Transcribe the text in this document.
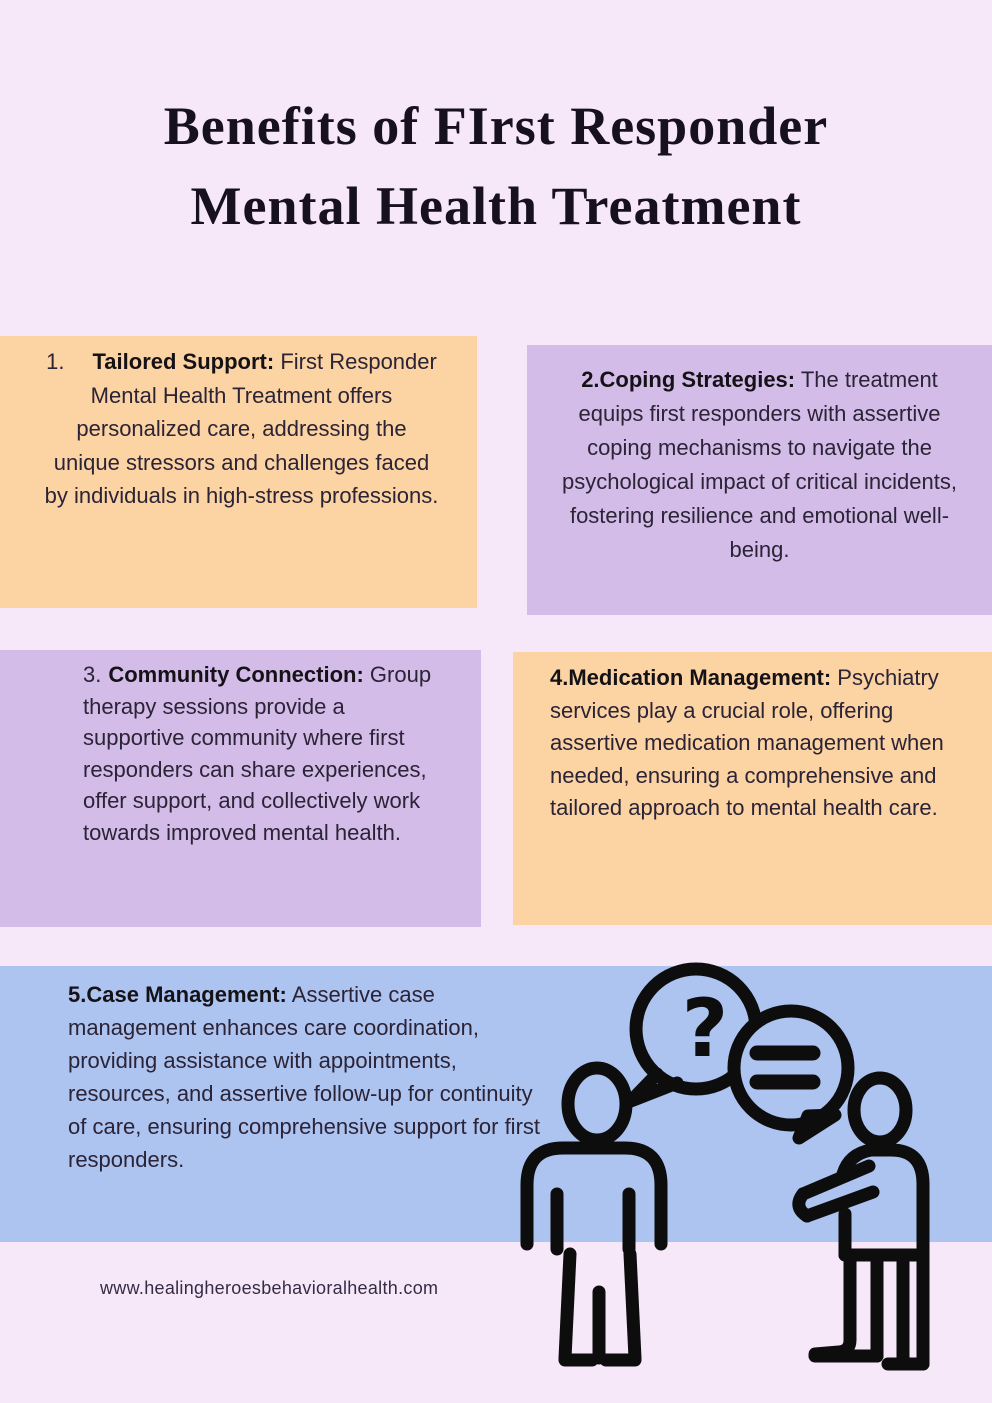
Benefits of FIrst Responder
Mental Health Treatment

1. Tailored Support: First Responder Mental Health Treatment offers personalized care, addressing the unique stressors and challenges faced by individuals in high-stress professions.

2.Coping Strategies: The treatment equips first responders with assertive coping mechanisms to navigate the psychological impact of critical incidents, fostering resilience and emotional well-being.

3. Community Connection: Group therapy sessions provide a supportive community where first responders can share experiences, offer support, and collectively work towards improved mental health.

4.Medication Management: Psychiatry services play a crucial role, offering assertive medication management when needed, ensuring a comprehensive and tailored approach to mental health care.

5.Case Management: Assertive case management enhances care coordination, providing assistance with appointments, resources, and assertive follow-up for continuity of care, ensuring comprehensive support for first responders.

?
www.healingheroesbehavioralhealth.com
